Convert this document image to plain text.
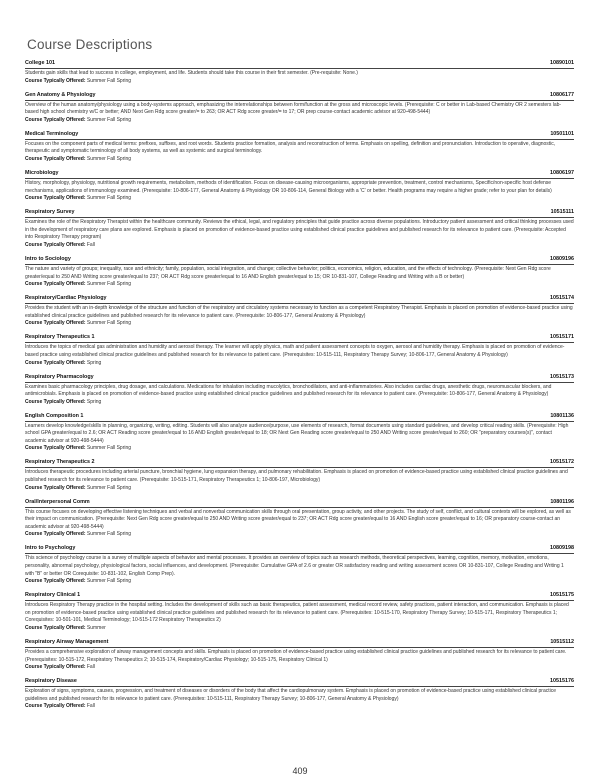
Course Descriptions
College 101	10890101
Students gain skills that lead to success in college, employment, and life. Students should take this course in their first semester. (Pre-requisite: None.)
Course Typically Offered: Summer Fall Spring
Gen Anatomy & Physiology	10806177
Overview of the human anatomy/physiology using a body-systems approach, emphasizing the interrelationships between form/function at the gross and microscopic levels. (Prerequisite: C or better in Lab-based Chemistry OR 2 semesters lab-based high school chemistry w/C or better; AND Next Gen Rdg score greater/= to 263; OR ACT Rdg score greater/= to 17; OR prep course-contact academic advisor at 920-498-5444)
Course Typically Offered: Summer Fall Spring
Medical Terminology	10501101
Focuses on the component parts of medical terms: prefixes, suffixes, and root words. Students practice formation, analysis and reconstruction of terms. Emphasis on spelling, definition and pronunciation. Introduction to operative, diagnostic, therapeutic and symptomatic terminology of all body systems, as well as systemic and surgical terminology.
Course Typically Offered: Summer Fall Spring
Microbiology	10806197
History, morphology, physiology, nutritional growth requirements, metabolism, methods of identification. Focus on disease-causing microorganisms, appropriate prevention, treatment, control mechanisms, Specific/non-specific host defense mechanisms, applications of immunology examined. (Prerequisite: 10-806-177, General Anatomy & Physiology OR 10-806-114, General Biology with a 'C' or better. Health programs may require a higher grade; refer to your plan for details)
Course Typically Offered: Summer Fall Spring
Respiratory Survey	10515111
Examines the role of the Respiratory Therapist within the healthcare community. Reviews the ethical, legal, and regulatory principles that guide practice across diverse populations. Introductory patient assessment and critical thinking processes used in the development of respiratory care plans are explored. Emphasis is placed on promotion of evidence-based practice using established clinical practice guidelines and published research for its relevance to patient care. (Prerequisite: Accepted into Respiratory Therapy program)
Course Typically Offered: Fall
Intro to Sociology	10809196
The nature and variety of groups; inequality, race and ethnicity; family, population, social integration, and change; collective behavior; politics, economics, religion, education, and the effects of technology. (Prerequisite: Next Gen Rdg score greater/equal to 250 AND Writing score greater/equal to 237; OR ACT Rdg score greater/equal to 16 AND English greater/equal to 15; OR 10-831-107, College Reading and Writing with a B or better)
Course Typically Offered: Summer Fall Spring
Respiratory/Cardiac Physiology	10515174
Provides the student with an in-depth knowledge of the structure and function of the respiratory and circulatory systems necessary to function as a competent Respiratory Therapist. Emphasis is placed on promotion of evidence-based practice using established clinical practice guidelines and published research for its relevance to patient care. (Prerequisite: 10-806-177, General Anatomy & Physiology)
Course Typically Offered: Summer Fall Spring
Respiratory Therapeutics 1	10515171
Introduces the topics of medical gas administration and humidity and aerosol therapy. The learner will apply physics, math and patient assessment concepts to oxygen, aerosol and humidity therapy. Emphasis is placed on promotion of evidence-based practice using established clinical practice guidelines and published research for its relevance to patient care. (Prerequisites: 10-515-111, Respiratory Therapy Survey; 10-806-177, General Anatomy & Physiology)
Course Typically Offered: Spring
Respiratory Pharmacology	10515173
Examines basic pharmacology principles, drug dosage, and calculations. Medications for inhalation including mucolytics, bronchodilators, and anti-inflammatories. Also includes cardiac drugs, anesthetic drugs, neuromuscular blockers, and antimicrobials. Emphasis is placed on promotion of evidence-based practice using established clinical practice guidelines and published research for its relevance to patient care. (Prerequisite: 10-806-177, General Anatomy & Physiology)
Course Typically Offered: Spring
English Composition 1	10801136
Learners develop knowledge/skills in planning, organizing, writing, editing. Students will also analyze audience/purpose, use elements of research, format documents using standard guidelines, and develop critical reading skills. (Prerequisite: High school GPA greater/equal to 2.6; OR ACT Reading score greater/equal to 16 AND English greater/equal to 18; OR Next Gen Reading score greater/equal to 250 AND Writing score greater/equal to 260; OR "preparatory courses(s)", contact academic advisor at 920-498-5444)
Course Typically Offered: Summer Fall Spring
Respiratory Therapeutics 2	10515172
Introduces therapeutic procedures including arterial puncture, bronchial hygiene, lung expansion therapy, and pulmonary rehabilitation. Emphasis is placed on promotion of evidence-based practice using established clinical practice guidelines and published research for its relevance to patient care. (Prerequisite: 10-515-171, Respiratory Therapeutics 1; 10-806-197, Microbiology)
Course Typically Offered: Summer Fall Spring
Oral/Interpersonal Comm	10801196
This course focuses on developing effective listening techniques and verbal and nonverbal communication skills through oral presentation, group activity, and other projects. The study of self, conflict, and cultural contexts will be explored, as well as their impact on communication. (Prerequisite: Next Gen Rdg score greater/equal to 250 AND Writing score greater/equal to 237; OR ACT Rdg score greater/equal to 16 AND English score greater/equal to 16; OR preparatory course-contact an academic advisor at 920-498-5444)
Course Typically Offered: Summer Fall Spring
Intro to Psychology	10809198
This science of psychology course is a survey of multiple aspects of behavior and mental processes. It provides an overview of topics such as research methods, theoretical perspectives, learning, cognition, memory, motivation, emotions, personality, abnormal psychology, physiological factors, social influences, and development. (Prerequisite: Cumulative GPA of 2.6 or greater OR satisfactory reading and writing assessment scores OR 10-831-107, College Reading and Writing 1 with "B" or better OR Corequisite: 10-831-102, English Comp Prep).
Course Typically Offered: Summer Fall Spring
Respiratory Clinical 1	10515175
Introduces Respiratory Therapy practice in the hospital setting. Includes the development of skills such as basic therapeutics, patient assessment, medical record review, safety practices, patient interaction, and communication. Emphasis is placed on promotion of evidence-based practice using established clinical practice guidelines and published research for its relevance to patient care. (Prerequisites: 10-515-170, Respiratory Therapy Survey; 10-515-171, Respiratory Therapeutics 1; Corequisites: 10-501-101, Medical Terminology; 10-515-172 Respiratory Therapeutics 2)
Course Typically Offered: Summer
Respiratory Airway Management	10515112
Provides a comprehensive exploration of airway management concepts and skills. Emphasis is placed on promotion of evidence-based practice using established clinical practice guidelines and published research for its relevance to patient care. (Prerequisites: 10-515-172, Respiratory Therapeutics 2; 10-515-174, Respiratory/Cardiac Physiology; 10-515-175, Respiratory Clinical 1)
Course Typically Offered: Fall
Respiratory Disease	10515176
Exploration of signs, symptoms, causes, progression, and treatment of diseases or disorders of the body that affect the cardiopulmonary system. Emphasis is placed on promotion of evidence-based practice using established clinical practice guidelines and published research for its relevance to patient care. (Prerequisites: 10-515-111, Respiratory Therapy Survey; 10-806-177, General Anatomy & Physiology)
Course Typically Offered: Fall
409
